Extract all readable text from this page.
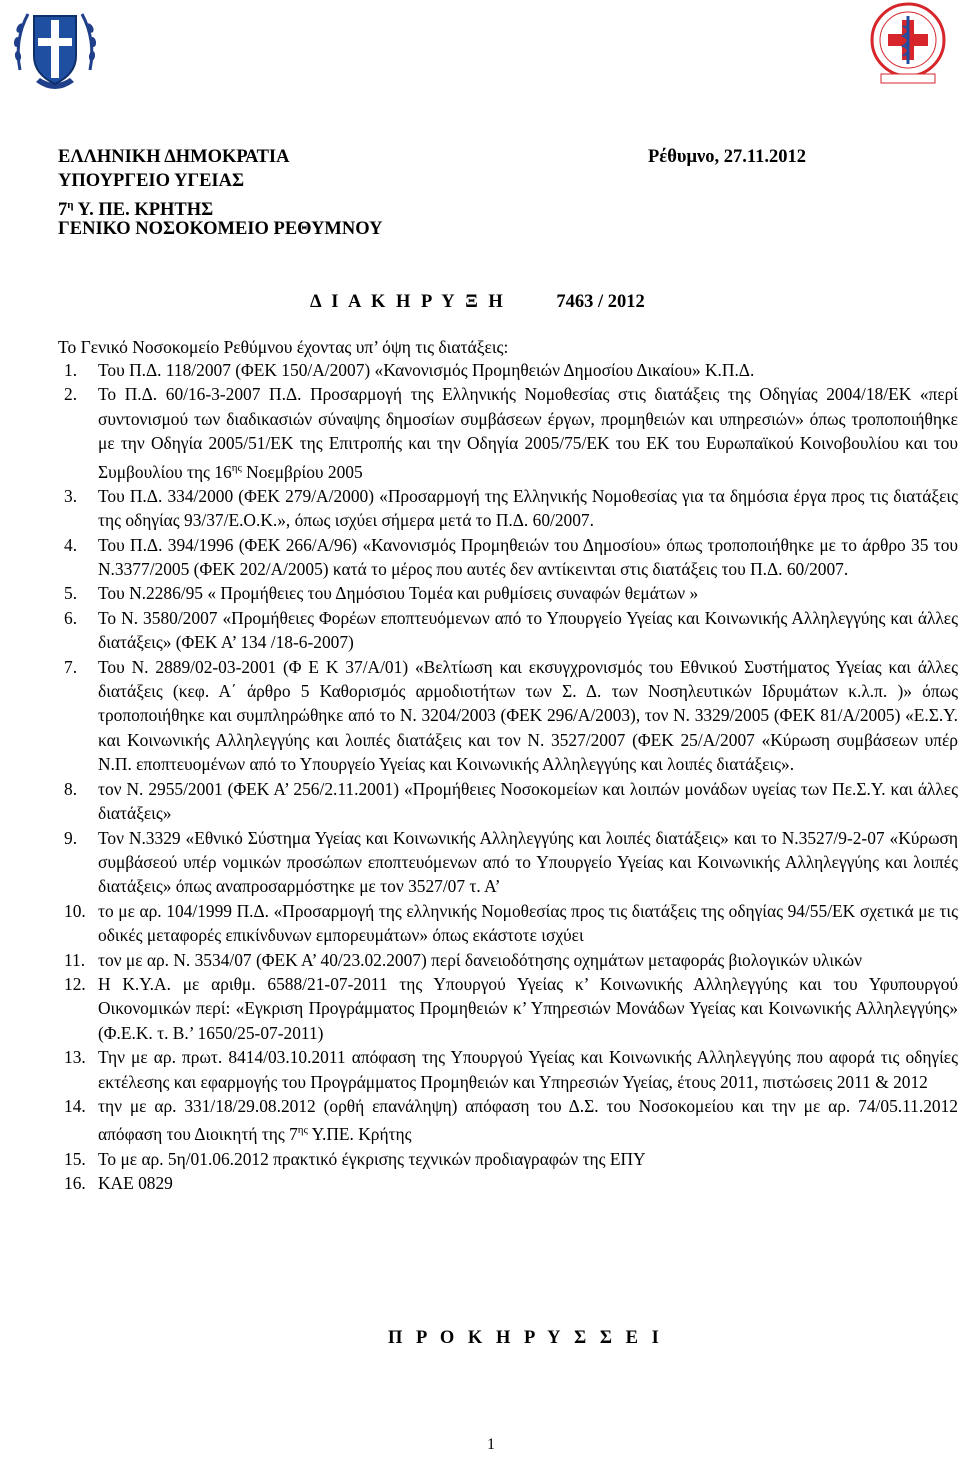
ΕΛΛΗΝΙΚΗ ΔΗΜΟΚΡΑΤΙΑ
ΥΠΟΥΡΓΕΙΟ ΥΓΕΙΑΣ
$7^\eta$ Υ. ΠΕ. ΚΡΗΤΗΣ
ΓΕΝΙΚΟ ΝΟΣΟΚΟΜΕΙΟ ΡΕΘΥΜΝΟΥ
Ρέθυμνο, 27.11.2012
Δ Ι Α Κ Η Ρ Υ Ξ Η	7463 / 2012
Το Γενικό Νοσοκομείο Ρεθύμνου έχοντας υπ’ όψη τις διατάξεις:
1. Του Π.Δ. 118/2007 (ΦΕΚ 150/Α/2007) «Κανονισμός Προμηθειών Δημοσίου Δικαίου» Κ.Π.Δ.
2. Το Π.Δ. 60/16-3-2007 Π.Δ. Προσαρμογή της Ελληνικής Νομοθεσίας στις διατάξεις της Οδηγίας 2004/18/ΕΚ «περί συντονισμού των διαδικασιών σύναψης δημοσίων συμβάσεων έργων, προμηθειών και υπηρεσιών» όπως τροποποιήθηκε με την Οδηγία 2005/51/ΕΚ της Επιτροπής και την Οδηγία 2005/75/ΕΚ του ΕΚ του Ευρωπαϊκού Κοινοβουλίου και του Συμβουλίου της $16^{\eta\varsigma}$ Νοεμβρίου 2005
3. Του Π.Δ. 334/2000 (ΦΕΚ 279/Α/2000) «Προσαρμογή της Ελληνικής Νομοθεσίας για τα δημόσια έργα προς τις διατάξεις της οδηγίας 93/37/Ε.Ο.Κ.», όπως ισχύει σήμερα μετά το Π.Δ. 60/2007.
4. Του Π.Δ. 394/1996 (ΦΕΚ 266/Α/96) «Κανονισμός Προμηθειών του Δημοσίου» όπως τροποποιήθηκε με το άρθρο 35 του Ν.3377/2005 (ΦΕΚ 202/Α/2005) κατά το μέρος που αυτές δεν αντίκεινται στις διατάξεις του Π.Δ. 60/2007.
5. Του Ν.2286/95 « Προμήθειες του Δημόσιου Τομέα και ρυθμίσεις συναφών θεμάτων »
6. Το Ν. 3580/2007 «Προμήθειες Φορέων εποπτευόμενων από το Υπουργείο Υγείας και Κοινωνικής Αλληλεγγύης και άλλες διατάξεις» (ΦΕΚ Α’ 134 /18-6-2007)
7. Του Ν. 2889/02-03-2001 (Φ Ε Κ 37/Α/01) «Βελτίωση και εκσυγχρονισμός του Εθνικού Συστήματος Υγείας και άλλες διατάξεις (κεφ. Α΄ άρθρο 5 Καθορισμός αρμοδιοτήτων των Σ. Δ. των Νοσηλευτικών Ιδρυμάτων κ.λ.π. )» όπως τροποποιήθηκε και συμπληρώθηκε από το Ν. 3204/2003 (ΦΕΚ 296/Α/2003), τον Ν. 3329/2005 (ΦΕΚ 81/Α/2005) «Ε.Σ.Υ. και Κοινωνικής Αλληλεγγύης και λοιπές διατάξεις και τον Ν. 3527/2007 (ΦΕΚ 25/Α/2007 «Κύρωση συμβάσεων υπέρ Ν.Π. εποπτευομένων από το Υπουργείο Υγείας και Κοινωνικής Αλληλεγγύης και λοιπές διατάξεις».
8. τον Ν. 2955/2001 (ΦΕΚ Α’ 256/2.11.2001) «Προμήθειες Νοσοκομείων και λοιπών μονάδων υγείας των Πε.Σ.Υ. και άλλες διατάξεις»
9. Τον Ν.3329 «Εθνικό Σύστημα Υγείας και Κοινωνικής Αλληλεγγύης και λοιπές διατάξεις» και το Ν.3527/9-2-07 «Κύρωση συμβάσεού υπέρ νομικών προσώπων εποπτευόμενων από το Υπουργείο Υγείας και Κοινωνικής Αλληλεγγύης και λοιπές διατάξεις» όπως αναπροσαρμόστηκε με τον 3527/07 τ. Α’
10. το με αρ. 104/1999 Π.Δ. «Προσαρμογή της ελληνικής Νομοθεσίας προς τις διατάξεις της οδηγίας 94/55/ΕΚ σχετικά με τις οδικές μεταφορές επικίνδυνων εμπορευμάτων» όπως εκάστοτε ισχύει
11. τον με αρ. Ν. 3534/07 (ΦΕΚ Α’ 40/23.02.2007) περί δανειοδότησης οχημάτων μεταφοράς βιολογικών υλικών
12. Η Κ.Υ.Α. με αριθμ. 6588/21-07-2011 της Υπουργού Υγείας κ’ Κοινωνικής Αλληλεγγύης και του Υφυπουργού Οικονομικών περί: «Εγκριση Προγράμματος Προμηθειών κ’ Υπηρεσιών Μονάδων Υγείας και Κοινωνικής Αλληλεγγύης» (Φ.Ε.Κ. τ. Β.’ 1650/25-07-2011)
13. Την με αρ. πρωτ. 8414/03.10.2011 απόφαση της Υπουργού Υγείας και Κοινωνικής Αλληλεγγύης που αφορά τις οδηγίες εκτέλεσης και εφαρμογής του Προγράμματος Προμηθειών και Υπηρεσιών Υγείας, έτους 2011, πιστώσεις 2011 & 2012
14. την με αρ. 331/18/29.08.2012 (ορθή επανάληψη) απόφαση του Δ.Σ. του Νοσοκομείου και την με αρ. 74/05.11.2012 απόφαση του Διοικητή της $7^{\eta\varsigma}$ Υ.ΠΕ. Κρήτης
15. Το με αρ. 5η/01.06.2012 πρακτικό έγκρισης τεχνικών προδιαγραφών της ΕΠΥ
16. ΚΑΕ 0829
Π Ρ Ο Κ Η Ρ Υ Σ Σ Ε Ι
1
